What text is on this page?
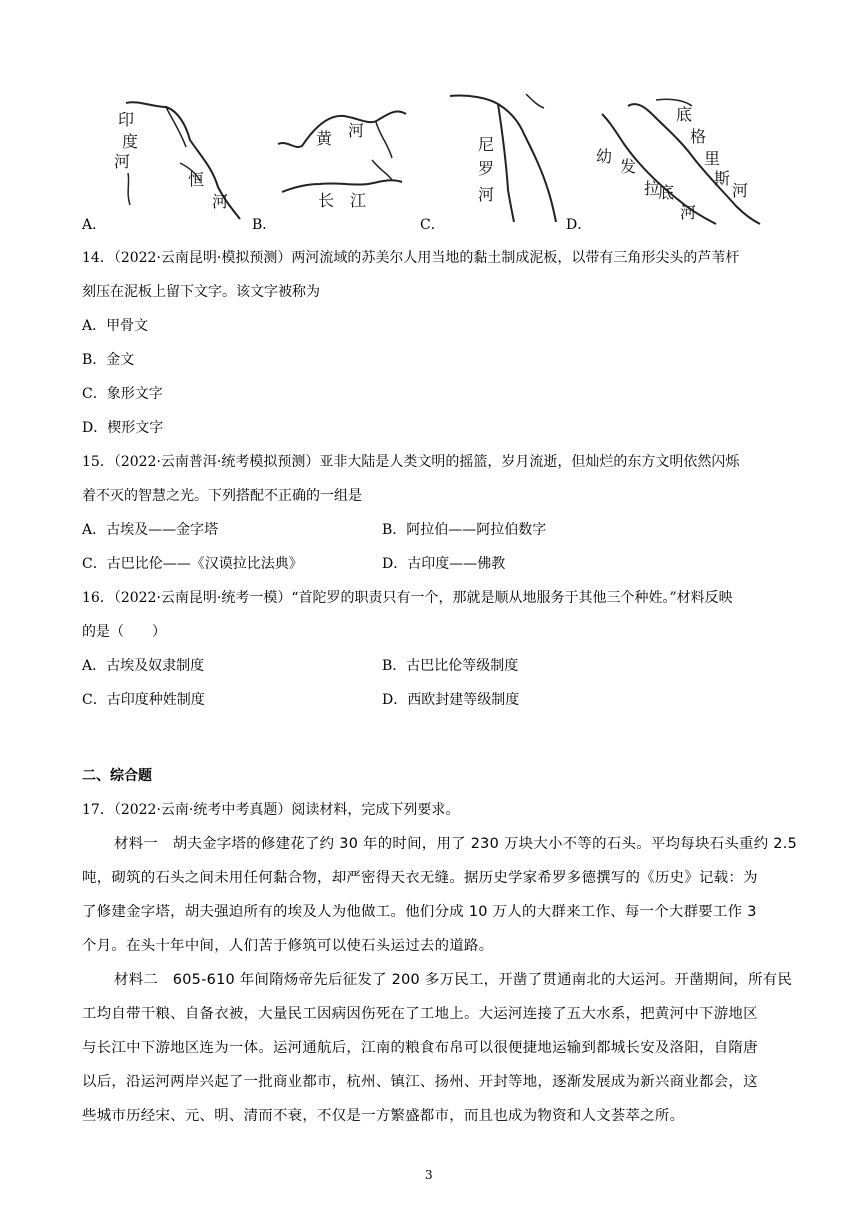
印
度
河
恒
河
A．
黄 河
长 江
B．
尼
罗
河
C．
底
格
里
斯
河
幼
发
拉
底
河
D．
14．（2022·云南昆明·模拟预测）两河流域的苏美尔人用当地的黏土制成泥板，以带有三角形尖头的芦苇杆
刻压在泥板上留下文字。该文字被称为
A．甲骨文
B．金文
C．象形文字
D．楔形文字
15．（2022·云南普洱·统考模拟预测）亚非大陆是人类文明的摇篮，岁月流逝，但灿烂的东方文明依然闪烁
着不灭的智慧之光。下列搭配不正确的一组是
A．古埃及——金字塔	B．阿拉伯——阿拉伯数字
C．古巴比伦——《汉谟拉比法典》	D．古印度——佛教
16．（2022·云南昆明·统考一模）“首陀罗的职责只有一个，那就是顺从地服务于其他三个种姓。”材料反映
的是（　　）
A．古埃及奴隶制度	B．古巴比伦等级制度
C．古印度种姓制度	D．西欧封建等级制度
二、综合题
17．（2022·云南·统考中考真题）阅读材料，完成下列要求。
材料一　胡夫金字塔的修建花了约 30 年的时间，用了 230 万块大小不等的石头。平均每块石头重约 2.5
吨，砌筑的石头之间未用任何黏合物，却严密得天衣无缝。据历史学家希罗多德撰写的《历史》记载：为
了修建金字塔，胡夫强迫所有的埃及人为他做工。他们分成 10 万人的大群来工作、每一个大群要工作 3
个月。在头十年中间，人们苦于修筑可以使石头运过去的道路。
材料二　605-610 年间隋炀帝先后征发了 200 多万民工，开凿了贯通南北的大运河。开凿期间，所有民
工均自带干粮、自备衣被，大量民工因病因伤死在了工地上。大运河连接了五大水系，把黄河中下游地区
与长江中下游地区连为一体。运河通航后，江南的粮食布帛可以很便捷地运输到都城长安及洛阳，自隋唐
以后，沿运河两岸兴起了一批商业都市，杭州、镇江、扬州、开封等地，逐渐发展成为新兴商业都会，这
些城市历经宋、元、明、清而不衰，不仅是一方繁盛都市，而且也成为物资和人文荟萃之所。
3
